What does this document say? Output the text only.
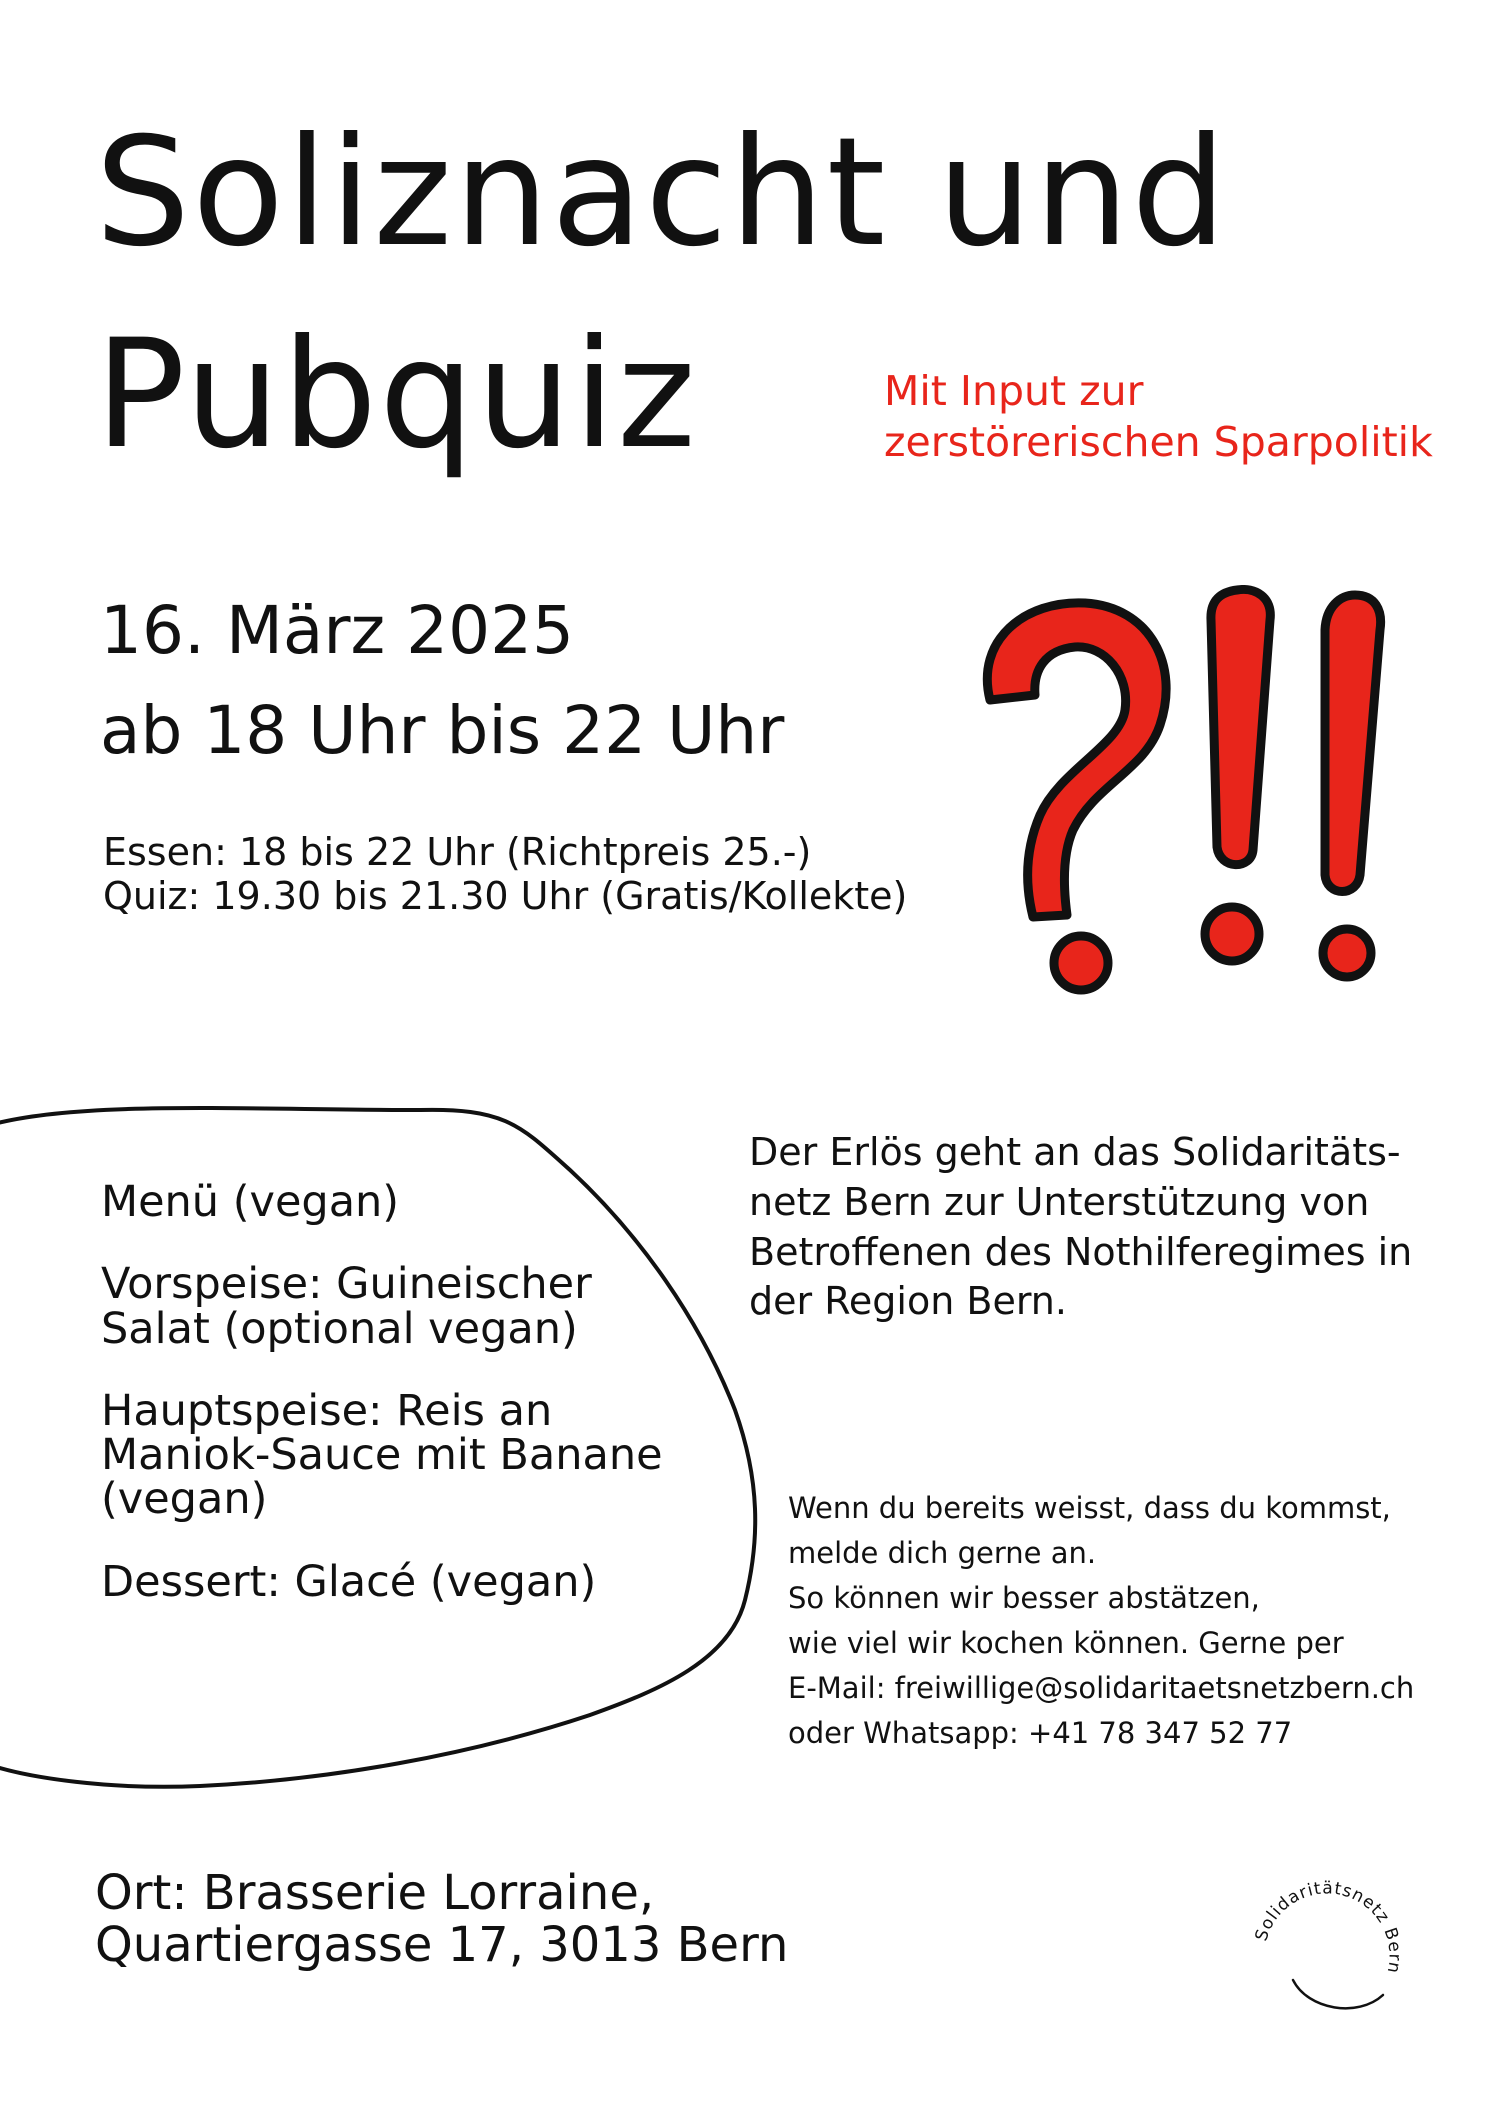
Soliznacht und
Pubquiz	Mit Input zur
zerstörerischen Sparpolitik
16. März 2025
ab 18 Uhr bis 22 Uhr
Essen: 18 bis 22 Uhr (Richtpreis 25.-)
Quiz: 19.30 bis 21.30 Uhr (Gratis/Kollekte)
Menü (vegan)
Vorspeise: Guineischer
Salat (optional vegan)
Hauptspeise: Reis an
Maniok-Sauce mit Banane
(vegan)
Dessert: Glacé (vegan)
Der Erlös geht an das Solidaritäts-
netz Bern zur Unterstützung von
Betroffenen des Nothilferegimes in
der Region Bern.
Wenn du bereits weisst, dass du kommst,
melde dich gerne an.
So können wir besser abstätzen,
wie viel wir kochen können. Gerne per
E-Mail: freiwillige@solidaritaetsnetzbern.ch
oder Whatsapp: +41 78 347 52 77
Ort: Brasserie Lorraine,
Quartiergasse 17, 3013 Bern	Solidaritätsnetz Bern
